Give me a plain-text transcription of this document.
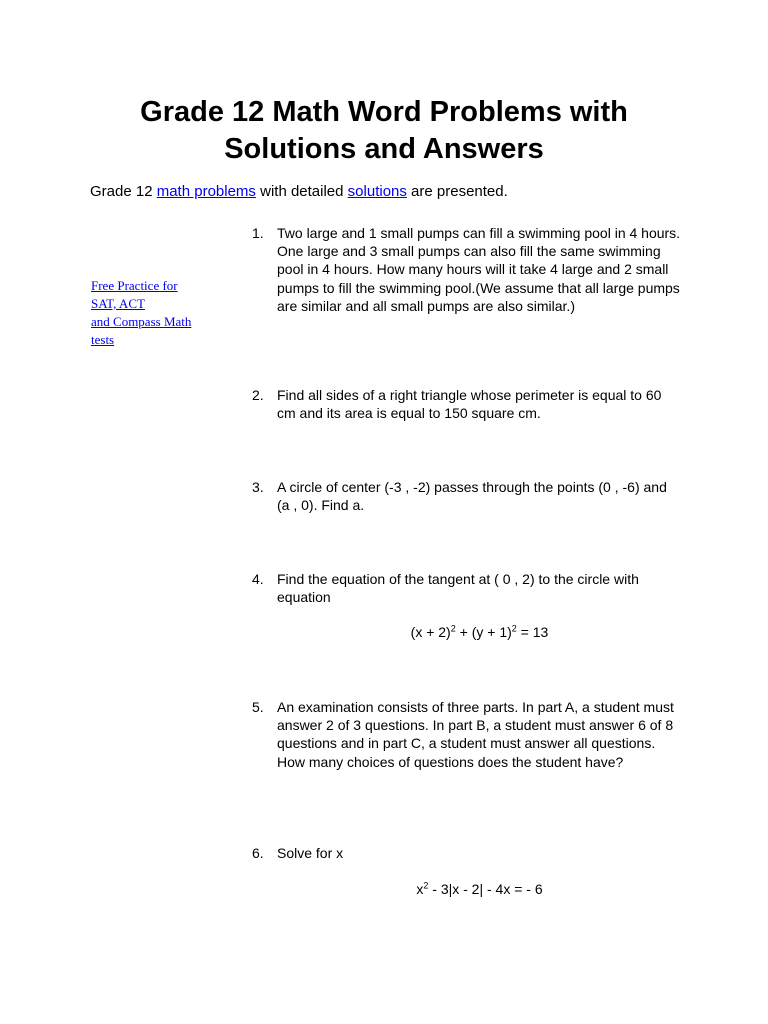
Grade 12 Math Word Problems with
Solutions and Answers

Grade 12 math problems with detailed solutions are presented.

Free Practice for
SAT, ACT
and Compass Math
tests
1. Two large and 1 small pumps can fill a swimming pool in 4 hours. One large and 3 small pumps can also fill the same swimming pool in 4 hours. How many hours will it take 4 large and 2 small pumps to fill the swimming pool.(We assume that all large pumps are similar and all small pumps are also similar.)
2. Find all sides of a right triangle whose perimeter is equal to 60 cm and its area is equal to 150 square cm.
3. A circle of center (-3 , -2) passes through the points (0 , -6) and (a , 0). Find a.
4. Find the equation of the tangent at ( 0 , 2) to the circle with equation
$(x + 2)^2 + (y + 1)^2 = 13$
5. An examination consists of three parts. In part A, a student must answer 2 of 3 questions. In part B, a student must answer 6 of 8 questions and in part C, a student must answer all questions. How many choices of questions does the student have?
6. Solve for x
$x^2 - 3|x - 2| - 4x$ = - 6
